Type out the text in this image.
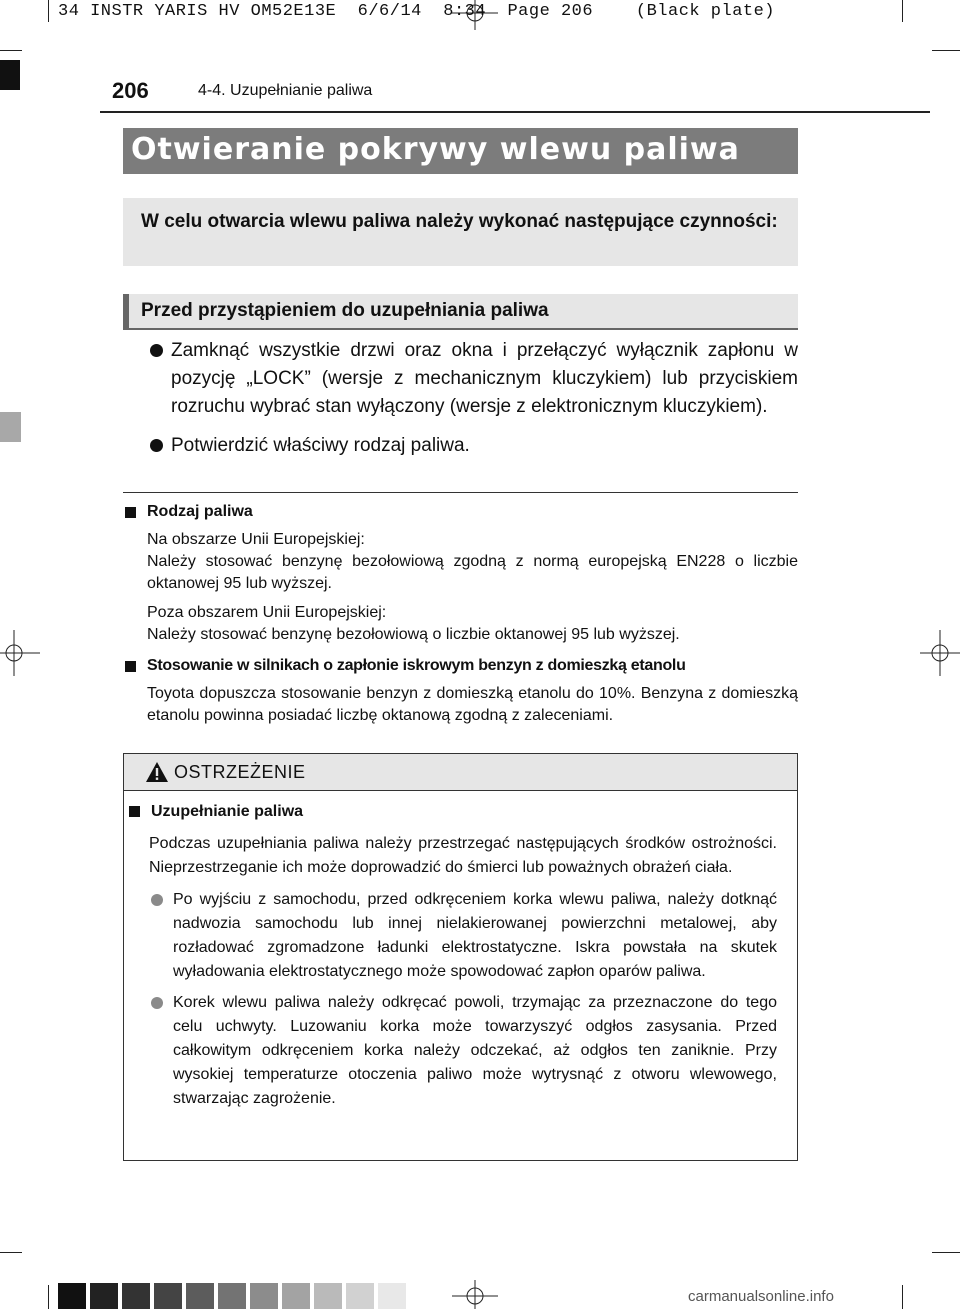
34 INSTR YARIS HV OM52E13E  6/6/14  8:34  Page 206    (Black plate)
206	4-4. Uzupełnianie paliwa
Otwieranie pokrywy wlewu paliwa

W celu otwarcia wlewu paliwa należy wykonać następujące czynności:

Przed przystąpieniem do uzupełniania paliwa
Zamknąć wszystkie drzwi oraz okna i przełączyć wyłącznik zapłonu w pozycję „LOCK” (wersje z mechanicznym kluczykiem) lub przyciskiem rozruchu wybrać stan wyłączony (wersje z elektronicznym kluczykiem).
Potwierdzić właściwy rodzaj paliwa.
Rodzaj paliwa

Na obszarze Unii Europejskiej:
Należy stosować benzynę bezołowiową zgodną z normą europejską EN228 o liczbie oktanowej 95 lub wyższej.

Poza obszarem Unii Europejskiej:
Należy stosować benzynę bezołowiową o liczbie oktanowej 95 lub wyższej.

Stosowanie w silnikach o zapłonie iskrowym benzyn z domieszką etanolu

Toyota dopuszcza stosowanie benzyn z domieszką etanolu do 10%. Benzyna z domieszką etanolu powinna posiadać liczbę oktanową zgodną z zaleceniami.

OSTRZEŻENIE
Uzupełnianie paliwa

Podczas uzupełniania paliwa należy przestrzegać następujących środków ostrożności. Nieprzestrzeganie ich może doprowadzić do śmierci lub poważnych obrażeń ciała.

Po wyjściu z samochodu, przed odkręceniem korka wlewu paliwa, należy dotknąć nadwozia samochodu lub innej nielakierowanej powierzchni metalowej, aby rozładować zgromadzone ładunki elektrostatyczne. Iskra powstała na skutek wyładowania elektrostatycznego może spowodować zapłon oparów paliwa.
Korek wlewu paliwa należy odkręcać powoli, trzymając za przeznaczone do tego celu uchwyty. Luzowaniu korka może towarzyszyć odgłos zasysania. Przed całkowitym odkręceniem korka należy odczekać, aż odgłos ten zaniknie. Przy wysokiej temperaturze otoczenia paliwo może wytrysnąć z otworu wlewowego, stwarzając zagrożenie.
carmanualsonline.info
